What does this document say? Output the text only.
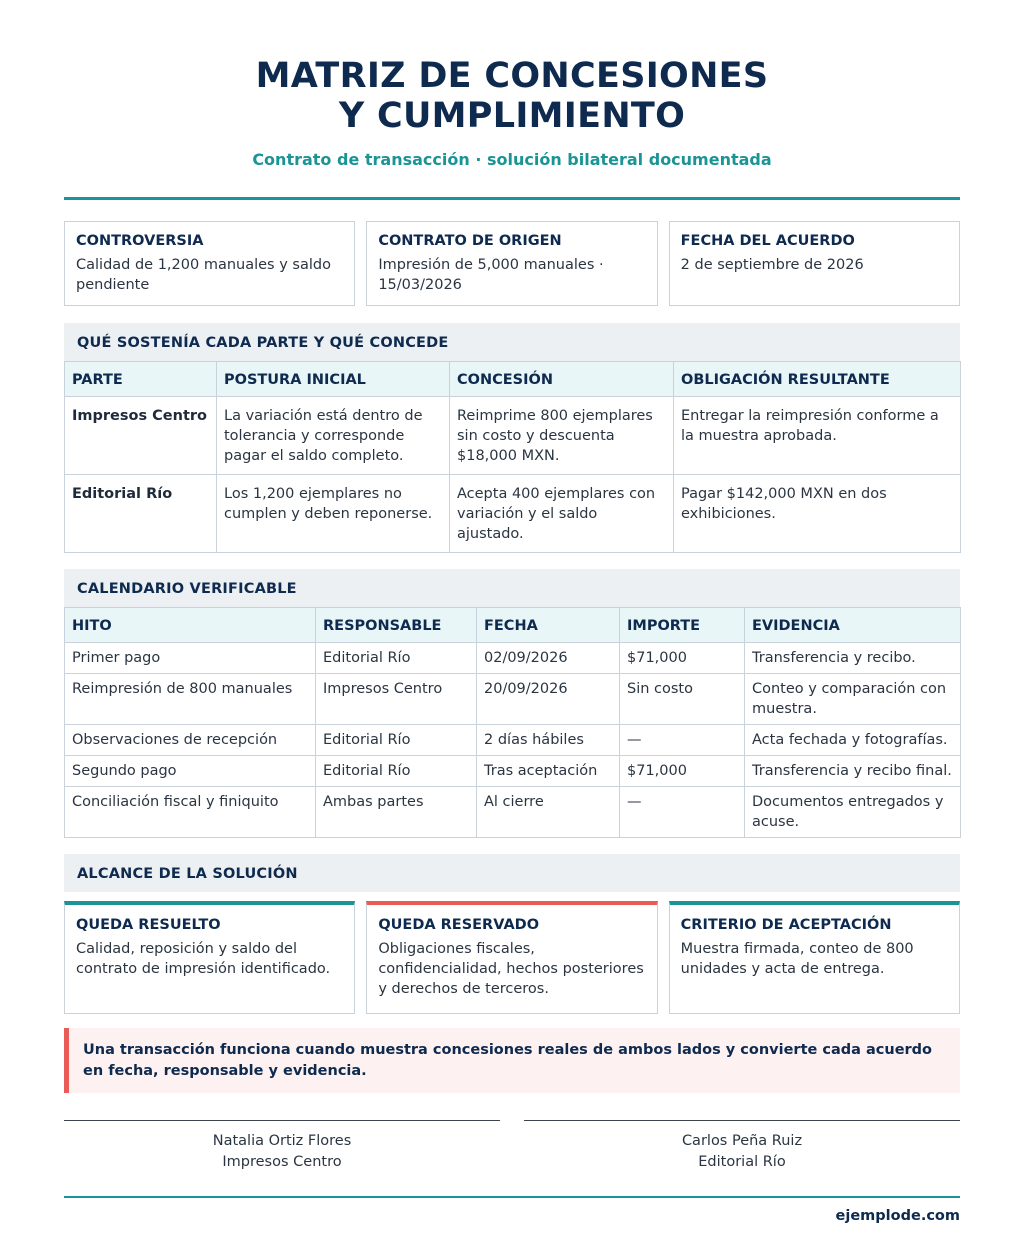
MATRIZ DE CONCESIONES
Y CUMPLIMIENTO
Contrato de transacción · solución bilateral documentada
CONTROVERSIA
Calidad de 1,200 manuales y saldo pendiente
CONTRATO DE ORIGEN
Impresión de 5,000 manuales · 15/03/2026
FECHA DEL ACUERDO
2 de septiembre de 2026
QUÉ SOSTENÍA CADA PARTE Y QUÉ CONCEDE
PARTE	POSTURA INICIAL	CONCESIÓN	OBLIGACIÓN RESULTANTE
Impresos Centro	La variación está dentro de tolerancia y corresponde pagar el saldo completo.	Reimprime 800 ejemplares sin costo y descuenta $18,000 MXN.	Entregar la reimpresión conforme a la muestra aprobada.
Editorial Río	Los 1,200 ejemplares no cumplen y deben reponerse.	Acepta 400 ejemplares con variación y el saldo ajustado.	Pagar $142,000 MXN en dos exhibiciones.
CALENDARIO VERIFICABLE
HITO	RESPONSABLE	FECHA	IMPORTE	EVIDENCIA
Primer pago	Editorial Río	02/09/2026	$71,000	Transferencia y recibo.
Reimpresión de 800 manuales	Impresos Centro	20/09/2026	Sin costo	Conteo y comparación con muestra.
Observaciones de recepción	Editorial Río	2 días hábiles	—	Acta fechada y fotografías.
Segundo pago	Editorial Río	Tras aceptación	$71,000	Transferencia y recibo final.
Conciliación fiscal y finiquito	Ambas partes	Al cierre	—	Documentos entregados y acuse.
ALCANCE DE LA SOLUCIÓN
QUEDA RESUELTO
Calidad, reposición y saldo del contrato de impresión identificado.
QUEDA RESERVADO
Obligaciones fiscales, confidencialidad, hechos posteriores y derechos de terceros.
CRITERIO DE ACEPTACIÓN
Muestra firmada, conteo de 800 unidades y acta de entrega.
Una transacción funciona cuando muestra concesiones reales de ambos lados y convierte cada acuerdo en fecha, responsable y evidencia.
Natalia Ortiz Flores
Impresos Centro
Carlos Peña Ruiz
Editorial Río
ejemplode.com
